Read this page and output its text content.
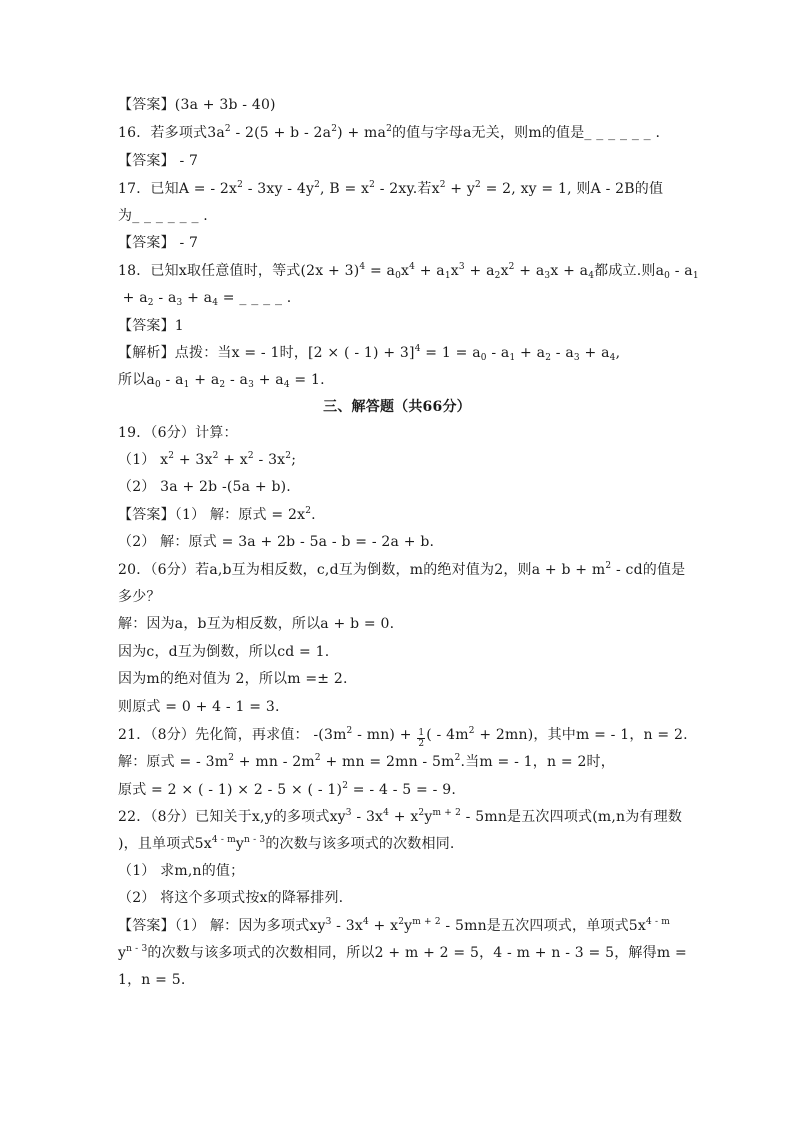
【答案】(3a + 3b - 40)
16．若多项式$3a^2 - 2(5 + b - 2a^2) + ma^2$的值与字母a无关，则m的值是_ _ _ _ _ _ .
【答案】 - 7
17．已知A = - $2x^2 - 3xy - 4y^2$, $B = x^2 - 2xy$.若$x^2 + y^2 = 2$, xy = 1, 则A - 2B的值
为_ _ _ _ _ _ .
【答案】 - 7
18．已知x取任意值时，等式$(2x + 3)^4 = a_0x^4 + a_1x^3 + a_2x^2 + a_3x + a_4$都成立.则$a_0 - a_1$
+ $a_2 - a_3 + a_4$ = _ _ _ _ .
【答案】1
【解析】点拨：当x = - 1时，[2 × ( - $1) + 3]^4 = 1 = a_0 - a_1 + a_2 - a_3 + a_4$,
所以$a_0 - a_1 + a_2 - a_3 + a_4 = 1$.
三、解答题（共66分）
19．（6分）计算：
（1） $x^2 + 3x^2 + x^2 - 3x^2$;
（2） 3a + 2b -(5a + b).
【答案】（1） 解：原式 = $2x^2$.
（2） 解：原式 = 3a + 2b - 5a - b = - 2a + b.
20．（6分）若a,b互为相反数，c,d互为倒数，m的绝对值为2，则$a + b + m^2$ - cd的值是
多少？
解：因为a，b互为相反数，所以a + b = 0.
因为c，d互为倒数，所以cd = 1.
因为m的绝对值为 2，所以m =± 2.
则原式 = 0 + 4 - 1 = 3.
21．（8分）先化简，再求值： $-(3m^2 - mn) + \frac{1}{2}$ ( - $4m^2 + 2mn$)，其中m = - 1，n = 2.
解：原式 = - $3m^2$ + mn - $2m^2$ + mn = $2mn - 5m^2$.当m = - 1，n = 2时，
原式 = 2 × ( - 1) × 2 - 5 × ( - 1)$^2$ = - 4 - 5 = - 9.
22．（8分）已知关于x,y的多项式$xy^3 - 3x^4 + x^2y^{m + 2} - 5mn$是五次四项式(m,n为有理数
)，且单项式$5x^{4 - m}y^{n - 3}$的次数与该多项式的次数相同.
（1） 求m,n的值；
（2） 将这个多项式按x的降幂排列.
【答案】（1） 解：因为多项式$xy^3 - 3x^4 + x^2y^{m + 2} - 5mn$是五次四项式，单项式$5x^{4 - m}$
$y^{n - 3}$的次数与该多项式的次数相同，所以2 + m + 2 = 5，4 - m + n - 3 = 5，解得m =
1，n = 5.
